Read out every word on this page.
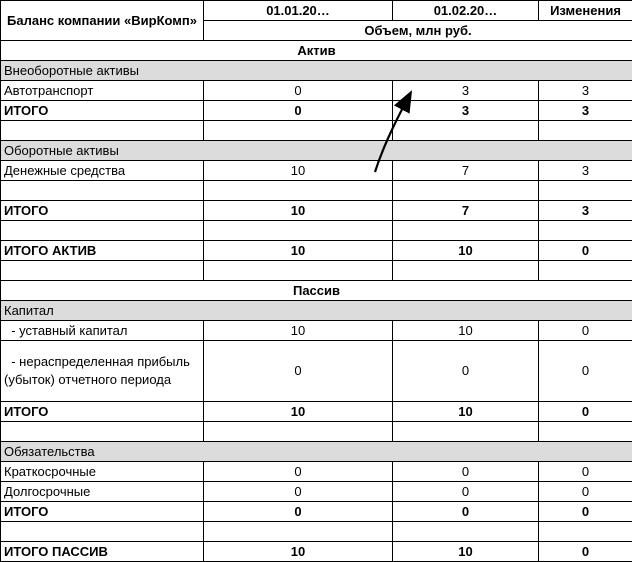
Баланс компании «ВирКомп»	01.01.20…	01.02.20…	Изменения
	Объем, млн руб.		
Актив			
Внеоборотные активы			
Автотранспорт	0	3	3
ИТОГО	0	3	3

Оборотные активы			
Денежные средства	10	7	3

ИТОГО	10	7	3

ИТОГО АКТИВ	10	10	0

Пассив			
Капитал			
- уставный капитал	10	10	0
- нераспределенная прибыль (убыток) отчетного периода	0	0	0
ИТОГО	10	10	0

Обязательства			
Краткосрочные	0	0	0
Долгосрочные	0	0	0
ИТОГО	0	0	0

ИТОГО ПАССИВ	10	10	0
